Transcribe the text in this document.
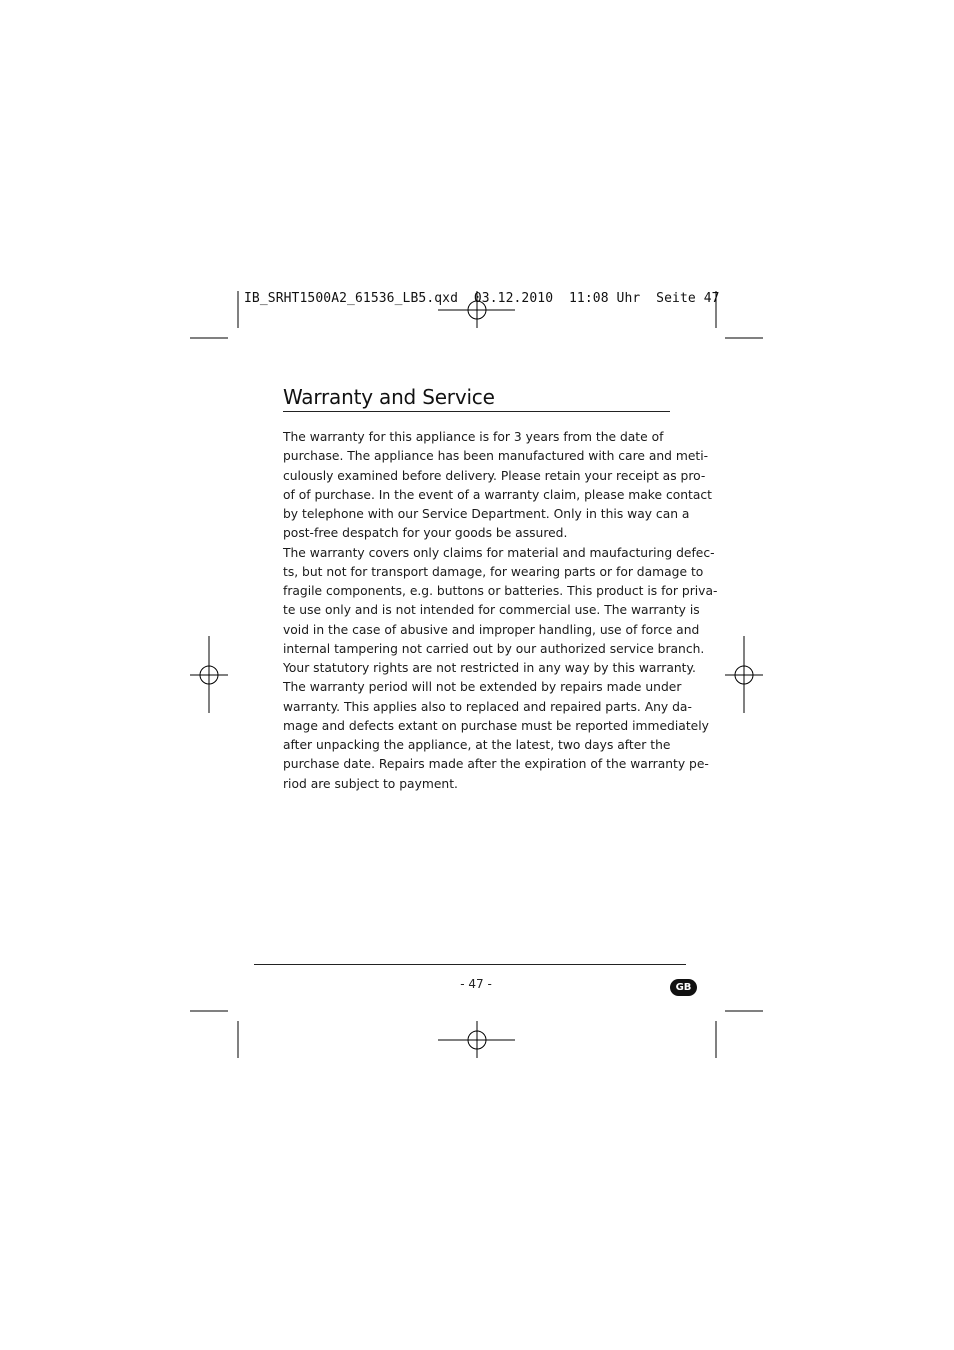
IB_SRHT1500A2_61536_LB5.qxd  03.12.2010  11:08 Uhr  Seite 47
Warranty and Service
The warranty for this appliance is for 3 years from the date of
purchase. The appliance has been manufactured with care and meti-
culously examined before delivery. Please retain your receipt as pro-
of of purchase. In the event of a warranty claim, please make contact
by telephone with our Service Department. Only in this way can a
post-free despatch for your goods be assured.
The warranty covers only claims for material and maufacturing defec-
ts, but not for transport damage, for wearing parts or for damage to
fragile components, e.g. buttons or batteries. This product is for priva-
te use only and is not intended for commercial use. The warranty is
void in the case of abusive and improper handling, use of force and
internal tampering not carried out by our authorized service branch.
Your statutory rights are not restricted in any way by this warranty.
The warranty period will not be extended by repairs made under
warranty. This applies also to replaced and repaired parts. Any da-
mage and defects extant on purchase must be reported immediately
after unpacking the appliance, at the latest, two days after the
purchase date. Repairs made after the expiration of the warranty pe-
riod are subject to payment.
- 47 -	GB
